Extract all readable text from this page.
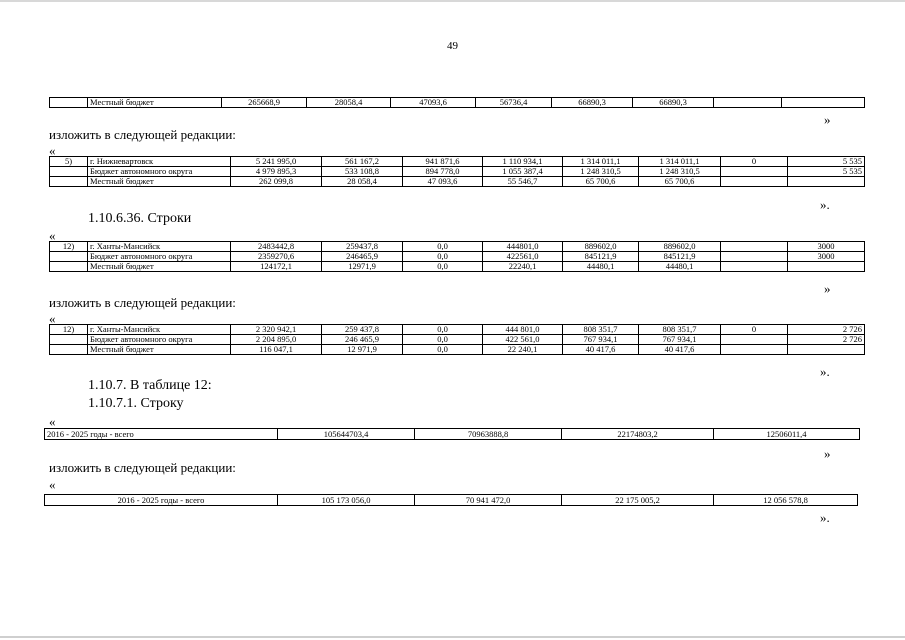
49
	Местный бюджет	265668,9	28058,4	47093,6	56736,4	66890,3	66890,3		
»
изложить в следующей редакции:
«
5)	г. Нижневартовск	5 241 995,0	561 167,2	941 871,6	1 110 934,1	1 314 011,1	1 314 011,1	0	5 535
	Бюджет автономного округа	4 979 895,3	533 108,8	894 778,0	1 055 387,4	1 248 310,5	1 248 310,5		5 535
	Местный бюджет	262 099,8	28 058,4	47 093,6	55 546,7	65 700,6	65 700,6		
».
1.10.6.36. Строки
«
12)	г. Ханты-Мансийск	2483442,8	259437,8	0,0	444801,0	889602,0	889602,0		3000
	Бюджет автономного округа	2359270,6	246465,9	0,0	422561,0	845121,9	845121,9		3000
	Местный бюджет	124172,1	12971,9	0,0	22240,1	44480,1	44480,1		
»
изложить в следующей редакции:
«
12)	г. Ханты-Мансийск	2 320 942,1	259 437,8	0,0	444 801,0	808 351,7	808 351,7	0	2 726
	Бюджет автономного округа	2 204 895,0	246 465,9	0,0	422 561,0	767 934,1	767 934,1		2 726
	Местный бюджет	116 047,1	12 971,9	0,0	22 240,1	40 417,6	40 417,6		
».
1.10.7. В таблице 12:
1.10.7.1. Строку
«
2016 - 2025 годы - всего	105644703,4	70963888,8	22174803,2	12506011,4
»
изложить в следующей редакции:
«
2016 - 2025 годы - всего	105 173 056,0	70 941 472,0	22 175 005,2	12 056 578,8
».
